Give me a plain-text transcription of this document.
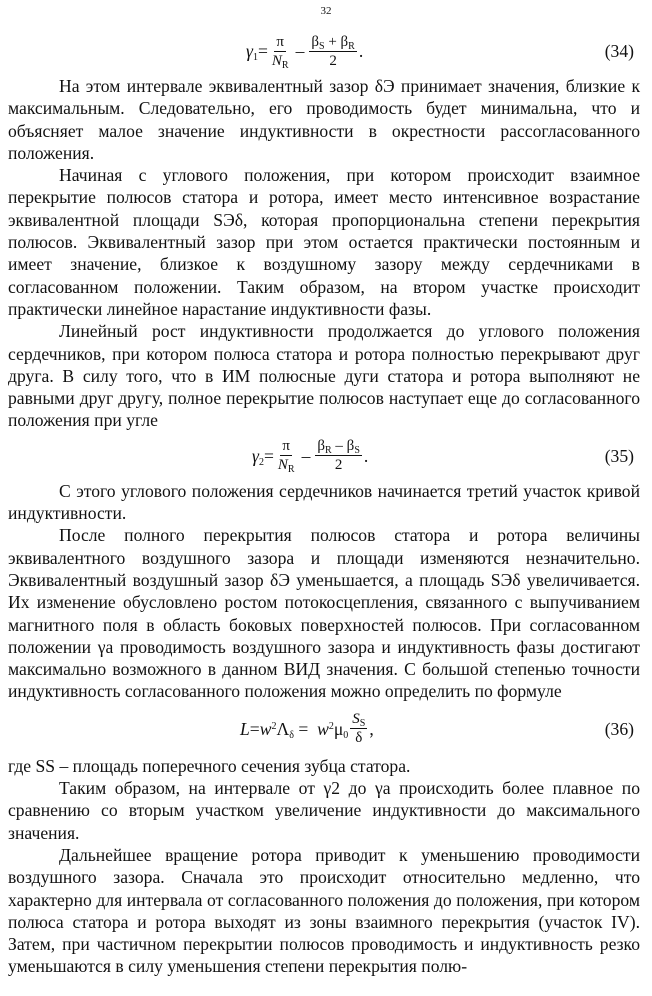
32
$\gamma_1 = \frac{\pi}{N_R} - \frac{\beta_S + \beta_R}{2}$ .	(34)

На этом интервале эквивалентный зазор δЭ принимает значения, близкие к максимальным. Следовательно, его проводимость будет минимальна, что и объясняет малое значение индуктивности в окрестности рассогласованного положения.

Начиная с углового положения, при котором происходит взаимное перекрытие полюсов статора и ротора, имеет место интенсивное возрастание эквивалентной площади SЭδ, которая пропорциональна степени перекрытия полюсов. Эквивалентный зазор при этом остается практически постоянным и имеет значение, близкое к воздушному зазору между сердечниками в согласованном положении. Таким образом, на втором участке происходит практически линейное нарастание индуктивности фазы.

Линейный рост индуктивности продолжается до углового положения сердечников, при котором полюса статора и ротора полностью перекрывают друг друга. В силу того, что в ИМ полюсные дуги статора и ротора выполняют не равными друг другу, полное перекрытие полюсов наступает еще до согласованного положения при угле

$\gamma_2 = \frac{\pi}{N_R} - \frac{\beta_R - \beta_S}{2}$ .	(35)

С этого углового положения сердечников начинается третий участок кривой индуктивности.

После полного перекрытия полюсов статора и ротора величины эквивалентного воздушного зазора и площади изменяются незначительно. Эквивалентный воздушный зазор δЭ уменьшается, а площадь SЭδ увеличивается. Их изменение обусловлено ростом потокосцепления, связанного с выпучиванием магнитного поля в область боковых поверхностей полюсов. При согласованном положении γa проводимость воздушного зазора и индуктивность фазы достигают максимально возможного в данном ВИД значения. С большой степенью точности индуктивность согласованного положения можно определить по формуле

$L = w^2$ $\Lambda_\delta = w^2$ $\mu_0 \frac{S_S}{\delta}$ ,	(36)

где SS – площадь поперечного сечения зубца статора.

Таким образом, на интервале от γ2 до γa происходить более плавное по сравнению со вторым участком увеличение индуктивности до максимального значения.

Дальнейшее вращение ротора приводит к уменьшению проводимости воздушного зазора. Сначала это происходит относительно медленно, что характерно для интервала от согласованного положения до положения, при котором полюса статора и ротора выходят из зоны взаимного перекрытия (участок IV). Затем, при частичном перекрытии полюсов проводимость и индуктивность резко уменьшаются в силу уменьшения степени перекрытия полю-
